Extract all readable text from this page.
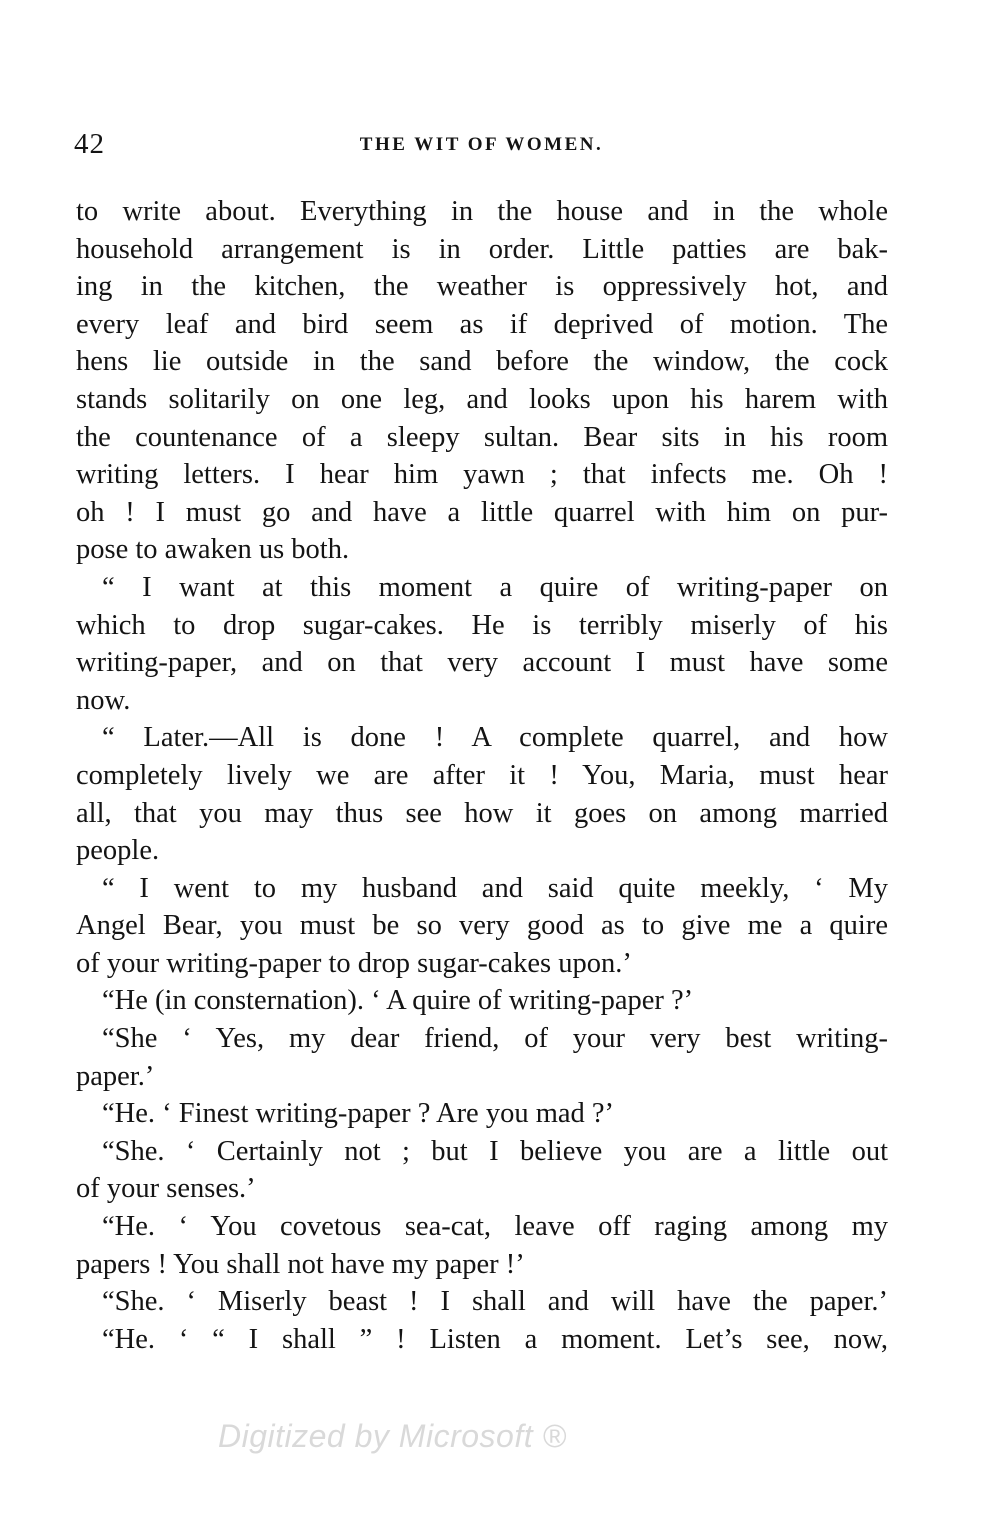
42	THE WIT OF WOMEN.
to write about. Everything in the house and in the whole
household arrangement is in order. Little patties are bak-
ing in the kitchen, the weather is oppressively hot, and
every leaf and bird seem as if deprived of motion. The
hens lie outside in the sand before the window, the cock
stands solitarily on one leg, and looks upon his harem with
the countenance of a sleepy sultan. Bear sits in his room
writing letters. I hear him yawn ; that infects me. Oh !
oh ! I must go and have a little quarrel with him on pur-
pose to awaken us both.
“ I want at this moment a quire of writing-paper on
which to drop sugar-cakes. He is terribly miserly of his
writing-paper, and on that very account I must have some
now.
“ Later.—All is done ! A complete quarrel, and how
completely lively we are after it ! You, Maria, must hear
all, that you may thus see how it goes on among married
people.
“ I went to my husband and said quite meekly, ‘ My
Angel Bear, you must be so very good as to give me a quire
of your writing-paper to drop sugar-cakes upon.’
“He (in consternation). ‘ A quire of writing-paper ?’
“She ‘ Yes, my dear friend, of your very best writing-
paper.’
“He. ‘ Finest writing-paper ? Are you mad ?’
“She. ‘ Certainly not ; but I believe you are a little out
of your senses.’
“He. ‘ You covetous sea-cat, leave off raging among my
papers ! You shall not have my paper !’
“She. ‘ Miserly beast ! I shall and will have the paper.’
“He. ‘ “ I shall ” ! Listen a moment. Let’s see, now,
Digitized by Microsoft ®
